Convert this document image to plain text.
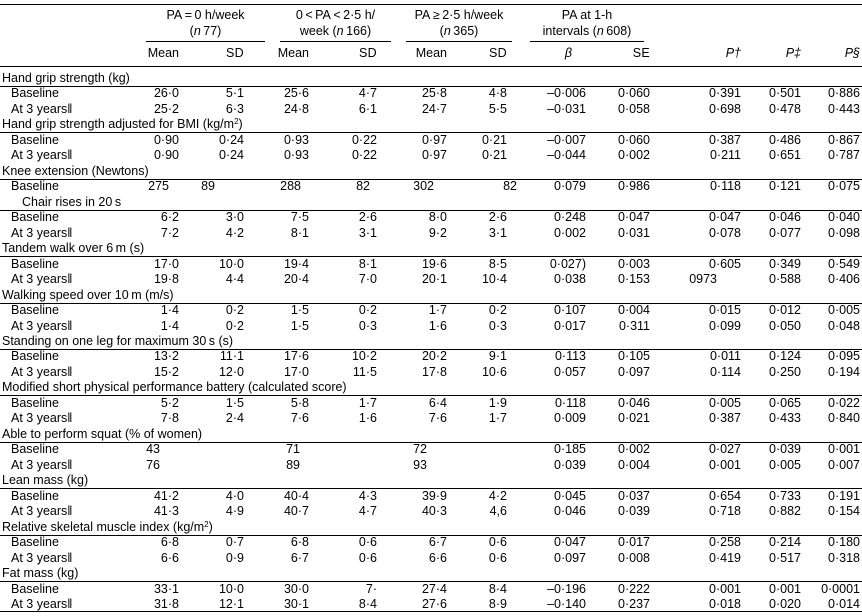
PA = 0 h/week
(n 77)
0 < PA < 2·5 h/
week (n 166)
PA ≥ 2·5 h/week
(n 365)
PA at 1-h
intervals (n 608)
Mean	SD	Mean	SD	Mean	SD	β	SE	P†	P‡	P§
Hand grip strength (kg)
Baseline	26·0	5·1	25·6	4·7	25·8	4·8	–0·006	0·060	0·391 0·501 0·886
At 3 years‖	25·2	6·3	24·8	6·1	24·7	5·5	–0·031	0·058	0·698 0·478 0·443
Hand grip strength adjusted for BMI $(kg/m^2)$
Baseline	0·90	0·24	0·93	0·22	0·97	0·21	–0·007	0·060	0·387 0·486 0·867
At 3 years‖	0·90	0·24	0·93	0·22	0·97	0·21	–0·044	0·002	0·211 0·651 0·787
Knee extension (Newtons)
Baseline	275	89	288	82	302	82	0·079	0·986	0·118 0·121 0·075
Chair rises in 20 s
Baseline	6·2	3·0	7·5	2·6	8·0	2·6	0·248	0·047	0·047 0·046 0·040
At 3 years‖	7·2	4·2	8·1	3·1	9·2	3·1	0·002	0·031	0·078 0·077 0·098
Tandem walk over 6 m (s)
Baseline	17·0	10·0	19·4	8·1	19·6	8·5	0·027)	0·003	0·605 0·349 0·549
At 3 years‖	19·8	4·4	20·4	7·0	20·1	10·4	0·038	0·153	0973	0·588 0·406
Walking speed over 10 m (m/s)
Baseline	1·4	0·2	1·5	0·2	1·7	0·2	0·107	0·004	0·015 0·012 0·005
At 3 years‖	1·4	0·2	1·5	0·3	1·6	0·3	0·017	0·311	0·099 0·050 0·048
Standing on one leg for maximum 30 s (s)
Baseline	13·2	11·1	17·6	10·2	20·2	9·1	0·113	0·105	0·011 0·124 0·095
At 3 years‖	15·2	12·0	17·0	11·5	17·8	10·6	0·057	0·097	0·114 0·250 0·194
Modified short physical performance battery (calculated score)
Baseline	5·2	1·5	5·8	1·7	6·4	1·9	0·118	0·046	0·005 0·065 0·022
At 3 years‖	7·8	2·4	7·6	1·6	7·6	1·7	0·009	0·021	0·387 0·433 0·840
Able to perform squat (% of women)
Baseline	43	71	72	0·185	0·002	0·027 0·039 0·001
At 3 years‖	76	89	93	0·039	0·004	0·001 0·005 0·007
Lean mass (kg)
Baseline	41·2	4·0	40·4	4·3	39·9	4·2	0·045	0·037	0·654 0·733 0·191
At 3 years‖	41·3	4·9	40·7	4·7	40·3	4,6	0·046	0·039	0·718 0·882 0·154
Relative skeletal muscle index $(kg/m^2)$
Baseline	6·8	0·7	6·8	0·6	6·7	0·6	0·047	0·017	0·258 0·214 0·180
At 3 years‖	6·6	0·9	6·7	0·6	6·6	0·6	0·097	0·008	0·419 0·517 0·318
Fat mass (kg)
Baseline	33·1	10·0	30·0	7·	27·4	8·4	–0·196	0·222	0·001 0·001 0·0001
At 3 years‖	31·8	12·1	30·1	8·4	27·6	8·9	–0·140	0·237	0·018 0·020 0·014
